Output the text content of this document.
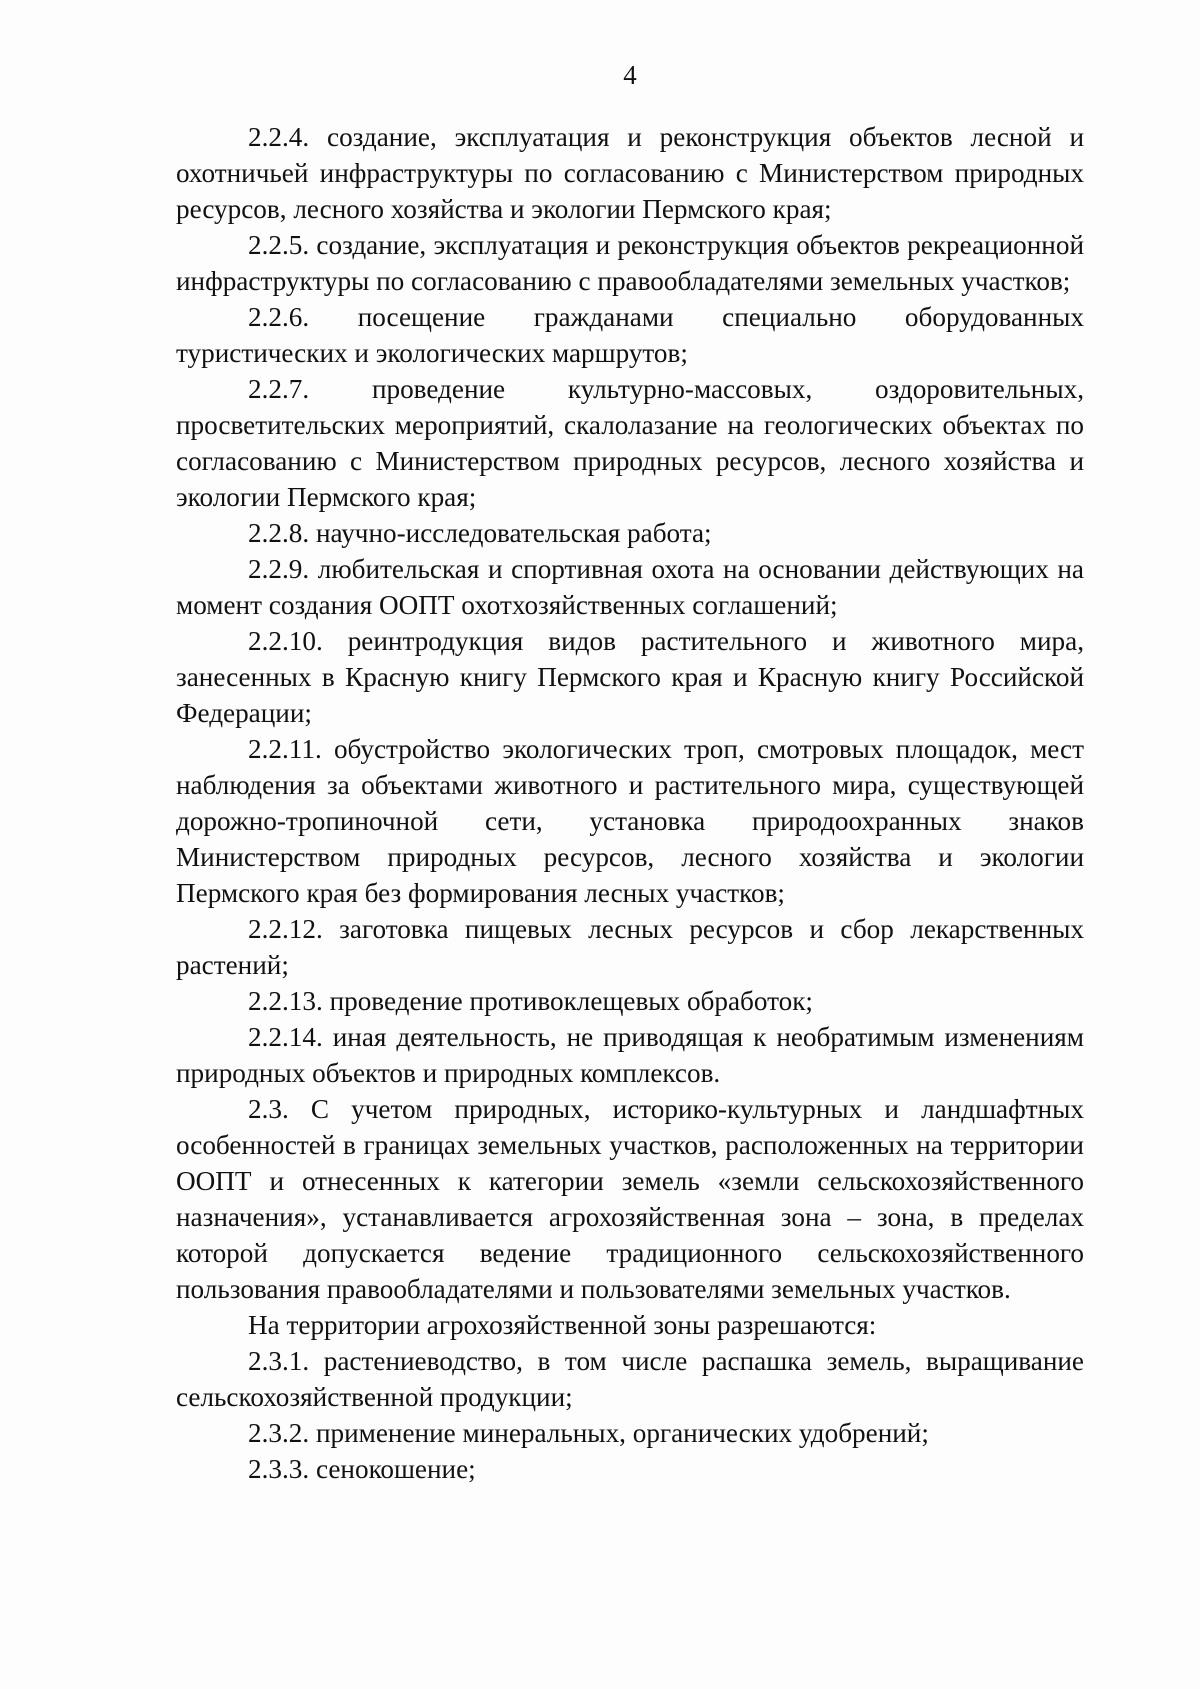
4

2.2.4. создание, эксплуатация и реконструкция объектов лесной и охотничьей инфраструктуры по согласованию с Министерством природных ресурсов, лесного хозяйства и экологии Пермского края;

2.2.5. создание, эксплуатация и реконструкция объектов рекреационной инфраструктуры по согласованию с правообладателями земельных участков;

2.2.6. посещение гражданами специально оборудованных туристических и экологических маршрутов;

2.2.7. проведение культурно-массовых, оздоровительных, просветительских мероприятий, скалолазание на геологических объектах по согласованию с Министерством природных ресурсов, лесного хозяйства и экологии Пермского края;

2.2.8. научно-исследовательская работа;

2.2.9. любительская и спортивная охота на основании действующих на момент создания ООПТ охотхозяйственных соглашений;

2.2.10. реинтродукция видов растительного и животного мира, занесенных в Красную книгу Пермского края и Красную книгу Российской Федерации;

2.2.11. обустройство экологических троп, смотровых площадок, мест наблюдения за объектами животного и растительного мира, существующей дорожно-тропиночной сети, установка природоохранных знаков Министерством природных ресурсов, лесного хозяйства и экологии Пермского края без формирования лесных участков;

2.2.12. заготовка пищевых лесных ресурсов и сбор лекарственных растений;

2.2.13. проведение противоклещевых обработок;

2.2.14. иная деятельность, не приводящая к необратимым изменениям природных объектов и природных комплексов.

2.3. С учетом природных, историко-культурных и ландшафтных особенностей в границах земельных участков, расположенных на территории ООПТ и отнесенных к категории земель «земли сельскохозяйственного назначения», устанавливается агрохозяйственная зона – зона, в пределах которой допускается ведение традиционного сельскохозяйственного пользования правообладателями и пользователями земельных участков.

На территории агрохозяйственной зоны разрешаются:

2.3.1. растениеводство, в том числе распашка земель, выращивание сельскохозяйственной продукции;

2.3.2. применение минеральных, органических удобрений;

2.3.3. сенокошение;
